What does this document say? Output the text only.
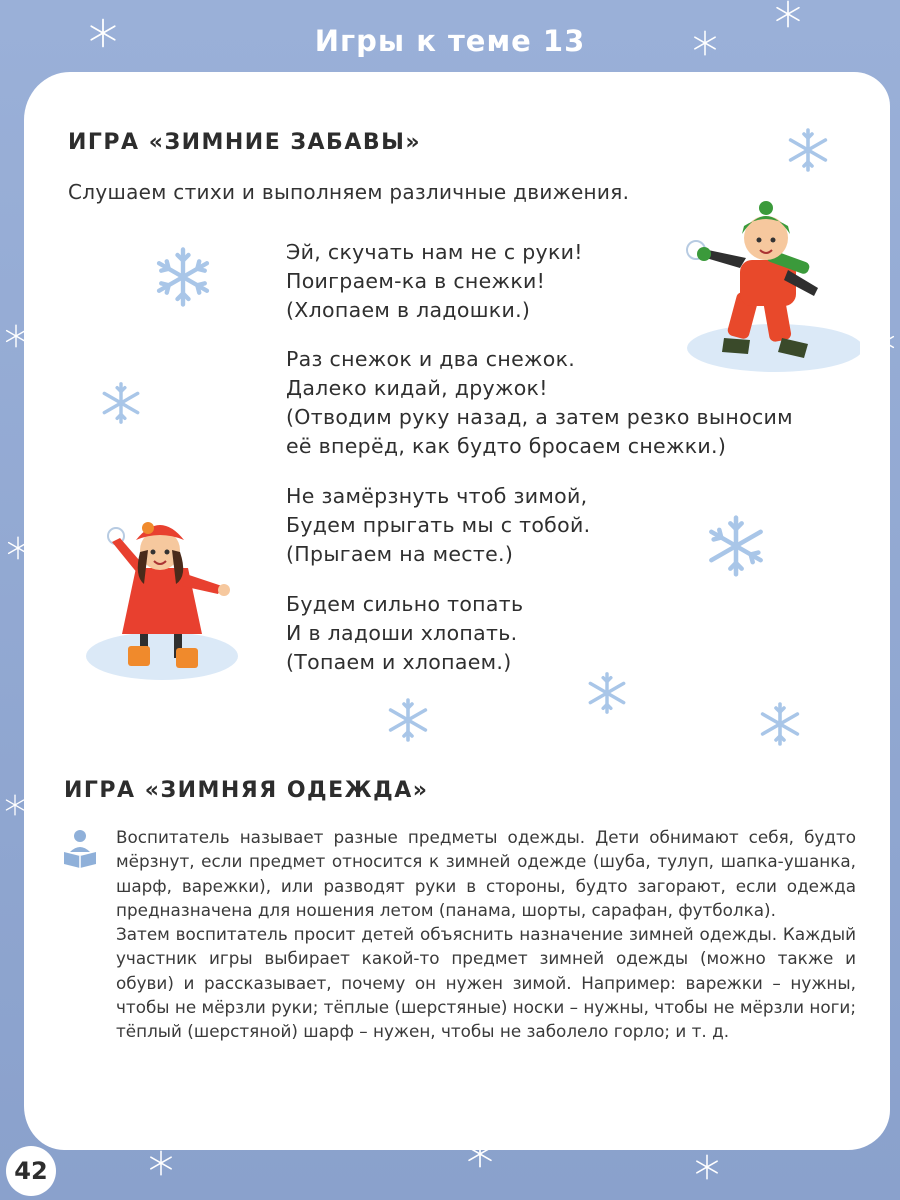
Игры к теме 13
ИГРА «ЗИМНИЕ ЗАБАВЫ»
Слушаем стихи и выполняем различные движения.
Эй, скучать нам не с руки!
Поиграем-ка в снежки!
(Хлопаем в ладошки.)
Раз снежок и два снежок.
Далеко кидай, дружок!
(Отводим руку назад, а затем резко выносим
её вперёд, как будто бросаем снежки.)
Не замёрзнуть чтоб зимой,
Будем прыгать мы с тобой.
(Прыгаем на месте.)
Будем сильно топать
И в ладоши хлопать.
(Топаем и хлопаем.)
ИГРА «ЗИМНЯЯ ОДЕЖДА»

Воспитатель называет разные предметы одежды. Дети обнимают себя, будто мёрзнут, если предмет относится к зимней одежде (шуба, тулуп, шапка-ушанка, шарф, варежки), или разводят руки в стороны, будто загорают, если одежда предназначена для ношения летом (панама, шорты, сарафан, футболка).

Затем воспитатель просит детей объяснить назначение зимней одежды. Каждый участник игры выбирает какой-то предмет зимней одежды (можно также и обуви) и рассказывает, почему он нужен зимой. Например: варежки – нужны, чтобы не мёрзли руки; тёплые (шерстяные) носки – нужны, чтобы не мёрзли ноги; тёплый (шерстяной) шарф – нужен, чтобы не заболело горло; и т. д.

42
